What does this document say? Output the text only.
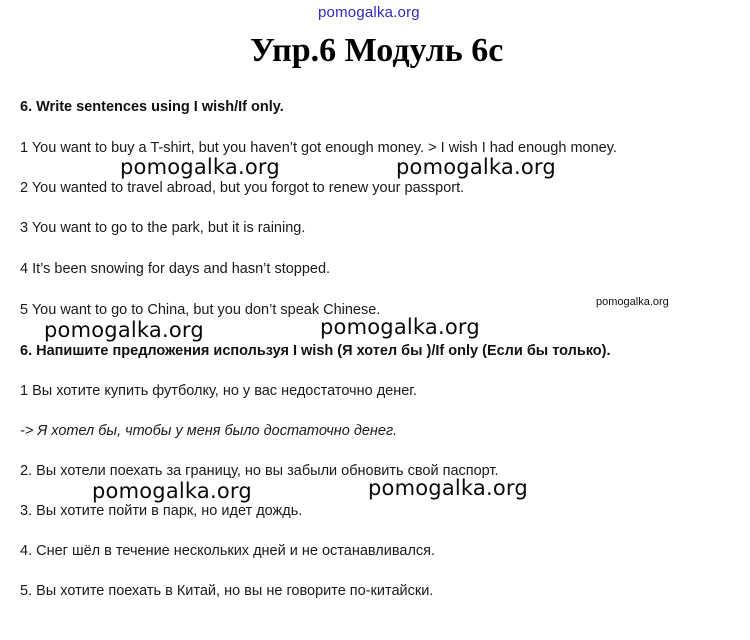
pomogalka.org
Упр.6 Модуль 6с
6. Write sentences using I wish/If only.
1 You want to buy a T-shirt, but you haven’t got enough money. > I wish I had enough money.
2 You wanted to travel abroad, but you forgot to renew your passport.
3 You want to go to the park, but it is raining.
4 It’s been snowing for days and hasn’t stopped.
5 You want to go to China, but you don’t speak Chinese.
6. Напишите предложения используя I wish (Я хотел бы )/If only (Если бы только).
1 Вы хотите купить футболку, но у вас недостаточно денег.
-> Я хотел бы, чтобы у меня было достаточно денег.
2. Вы хотели поехать за границу, но вы забыли обновить свой паспорт.
3. Вы хотите пойти в парк, но идет дождь.
4. Снег шёл в течение нескольких дней и не останавливался.
5. Вы хотите поехать в Китай, но вы не говорите по-китайски.
pomogalka.org	pomogalka.org
pomogalka.org
pomogalka.org	pomogalka.org
pomogalka.org	pomogalka.org
